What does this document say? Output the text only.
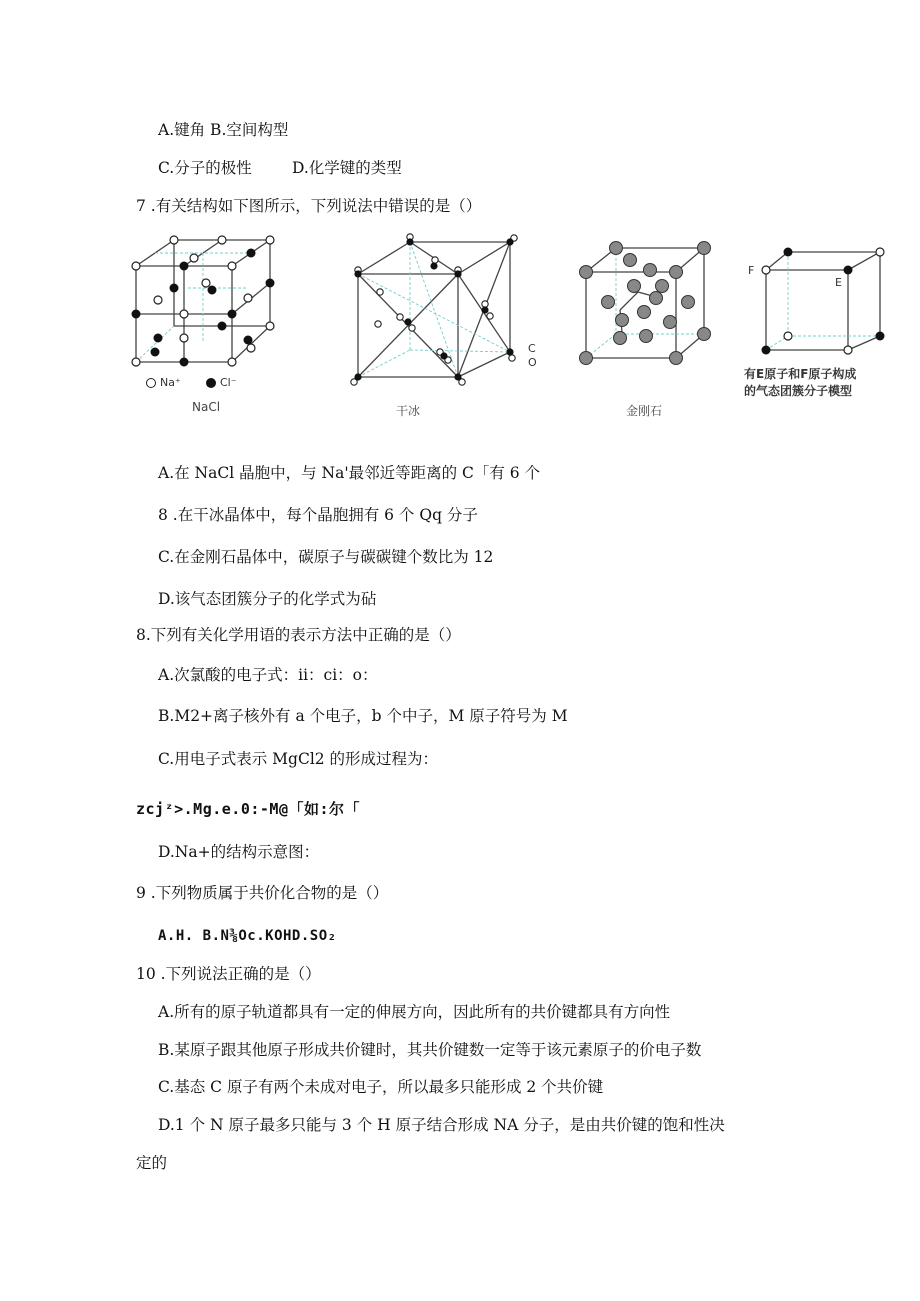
A.键角 B.空间构型
C.分子的极性	D.化学键的类型
7 .有关结构如下图所示，下列说法中错误的是（）
Na⁺	Cl⁻
NaCl
C
O
干冰	金刚石
F
E
有E原子和F原子构成
的气态团簇分子模型
A.在 NaCl 晶胞中，与 Na'最邻近等距离的 C「有 6 个
8 .在干冰晶体中，每个晶胞拥有 6 个 Qq 分子
C.在金刚石晶体中，碳原子与碳碳键个数比为 12
D.该气态团簇分子的化学式为砧
8.下列有关化学用语的表示方法中正确的是（）
A.次氯酸的电子式：ii：ci：o：
B.M2+离子核外有 a 个电子，b 个中子，M 原子符号为 M
C.用电子式表示 MgCl2 的形成过程为：
zcjᶻ>.Mg.e.0:-M@「如:尔「
D.Na+的结构示意图：
9 .下列物质属于共价化合物的是（）
A.H. B.N⅜Oc.KOHD.SO₂
10 .下列说法正确的是（）
A.所有的原子轨道都具有一定的伸展方向，因此所有的共价键都具有方向性
B.某原子跟其他原子形成共价键时，其共价键数一定等于该元素原子的价电子数
C.基态 C 原子有两个未成对电子，所以最多只能形成 2 个共价键
D.1 个 N 原子最多只能与 3 个 H 原子结合形成 NA 分子，是由共价键的饱和性决
定的
